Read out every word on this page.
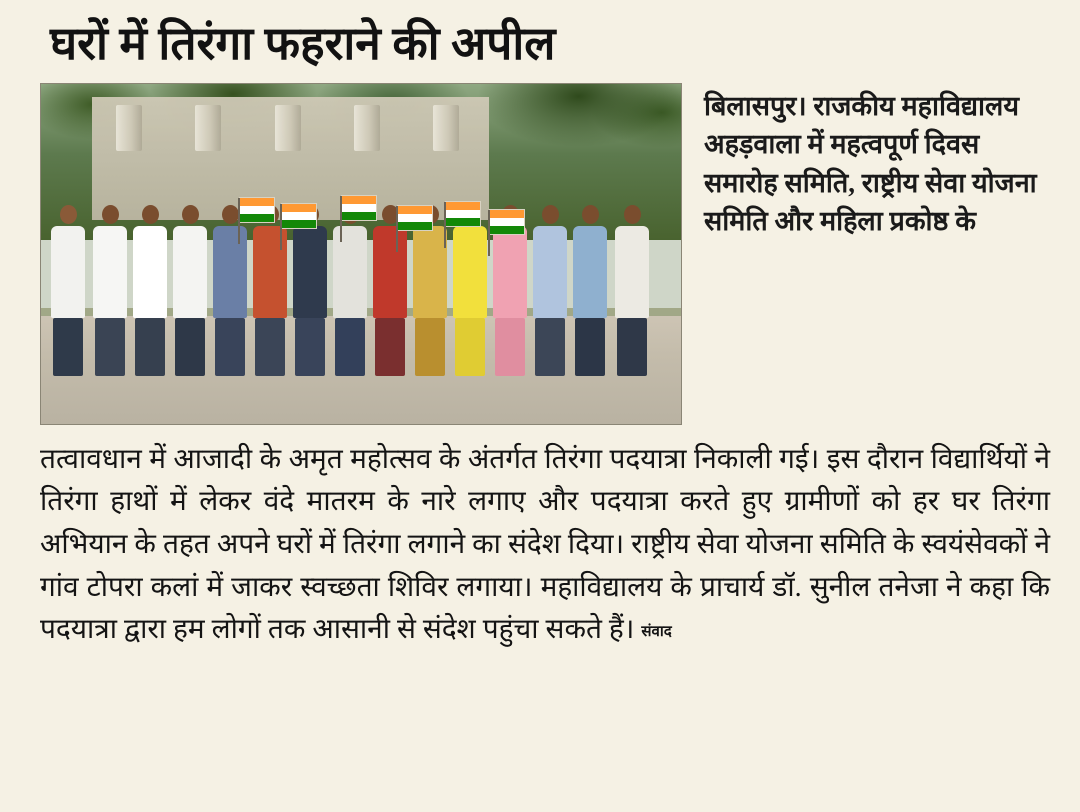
घरों में तिरंगा फहराने की अपील
बिलासपुर। राजकीय महाविद्यालय अहड़वाला में महत्वपूर्ण दिवस समारोह समिति, राष्ट्रीय सेवा योजना समिति और महिला प्रकोष्ठ के
तत्वावधान में आजादी के अमृत महोत्सव के अंतर्गत तिरंगा पदयात्रा निकाली गई। इस दौरान विद्यार्थियों ने तिरंगा हाथों में लेकर वंदे मातरम के नारे लगाए और पदयात्रा करते हुए ग्रामीणों को हर घर तिरंगा अभियान के तहत अपने घरों में तिरंगा लगाने का संदेश दिया। राष्ट्रीय सेवा योजना समिति के स्वयंसेवकों ने गांव टोपरा कलां में जाकर स्वच्छता शिविर लगाया। महाविद्यालय के प्राचार्य डॉ. सुनील तनेजा ने कहा कि पदयात्रा द्वारा हम लोगों तक आसानी से संदेश पहुंचा सकते हैं। संवाद
